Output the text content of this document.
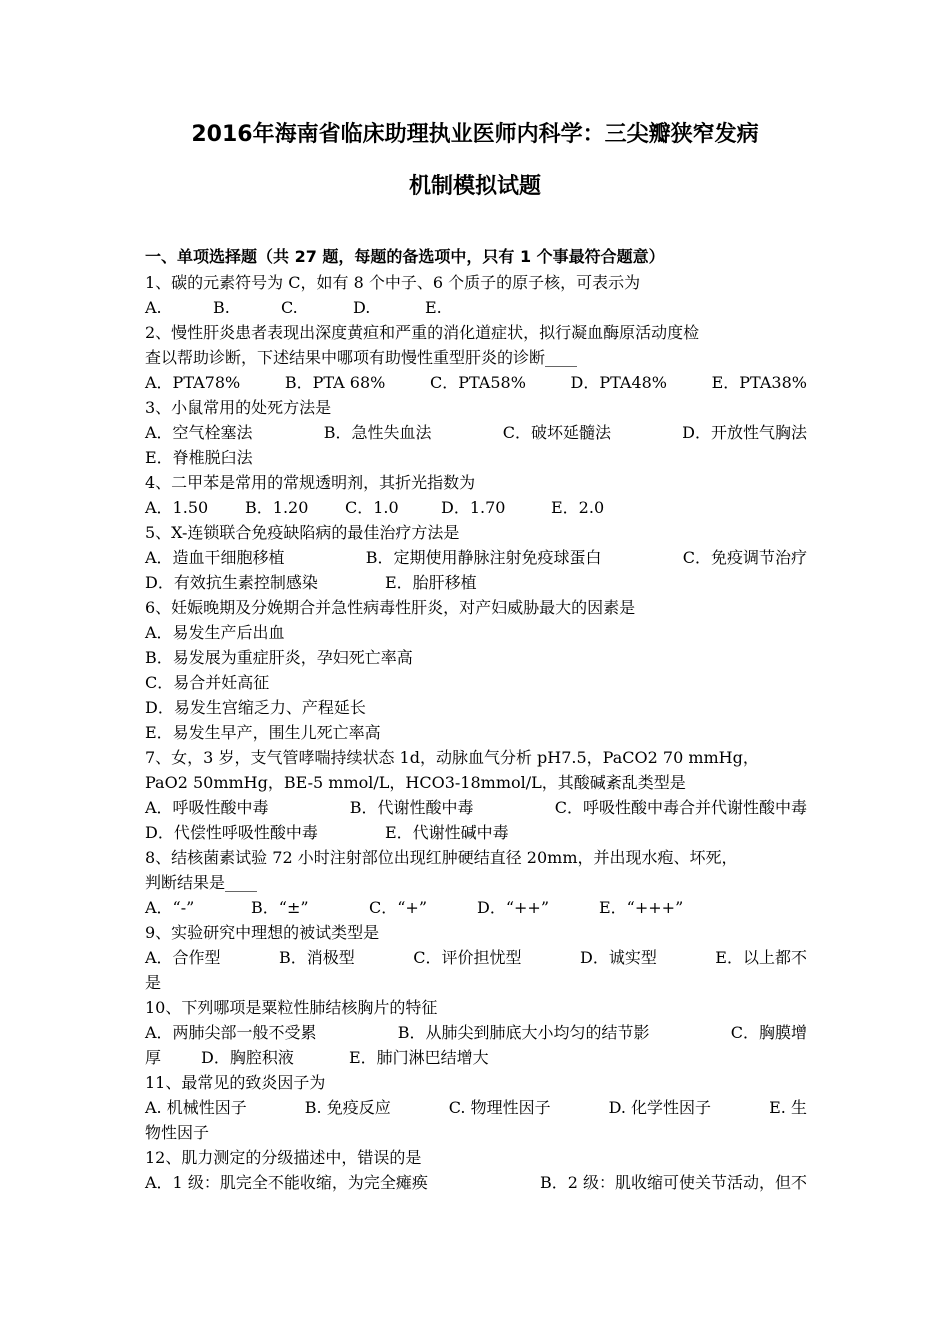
2016年海南省临床助理执业医师内科学：三尖瓣狭窄发病
机制模拟试题
一、单项选择题（共 27 题，每题的备选项中，只有 1 个事最符合题意）
1、碳的元素符号为 C，如有 8 个中子、6 个质子的原子核，可表示为
A.	B.	C.	D.	E.
2、慢性肝炎患者表现出深度黄疸和严重的消化道症状，拟行凝血酶原活动度检
查以帮助诊断，下述结果中哪项有助慢性重型肝炎的诊断____
A．PTA78%	B．PTA 68%	C．PTA58%	D．PTA48%	E．PTA38%
3、小鼠常用的处死方法是
A．空气栓塞法	B．急性失血法	C．破坏延髓法	D．开放性气胸法
E．脊椎脱臼法
4、二甲苯是常用的常规透明剂，其折光指数为
A．1.50	B．1.20	C．1.0	D．1.70	E．2.0
5、X-连锁联合免疫缺陷病的最佳治疗方法是
A．造血干细胞移植	B．定期使用静脉注射免疫球蛋白	C．免疫调节治疗
D．有效抗生素控制感染	E．胎肝移植
6、妊娠晚期及分娩期合并急性病毒性肝炎，对产妇威胁最大的因素是
A．易发生产后出血
B．易发展为重症肝炎，孕妇死亡率高
C．易合并妊高征
D．易发生宫缩乏力、产程延长
E．易发生早产，围生儿死亡率高
7、女，3 岁，支气管哮喘持续状态 1d，动脉血气分析 pH7.5，PaCO2 70 mmHg，
PaO2 50mmHg，BE-5 mmol/L，HCO3-18mmol/L，其酸碱紊乱类型是
A．呼吸性酸中毒	B．代谢性酸中毒	C．呼吸性酸中毒合并代谢性酸中毒
D．代偿性呼吸性酸中毒	E．代谢性碱中毒
8、结核菌素试验 72 小时注射部位出现红肿硬结直径 20mm，并出现水疱、坏死，
判断结果是____
A．“-”	B．“±”	C．“+”	D．“++”	E．“+++”
9、实验研究中理想的被试类型是
A．合作型	B．消极型	C．评价担忧型	D．诚实型	E．以上都不
是
10、下列哪项是粟粒性肺结核胸片的特征
A．两肺尖部一般不受累	B．从肺尖到肺底大小均匀的结节影	C．胸膜增
厚	D．胸腔积液	E．肺门淋巴结增大
11、最常见的致炎因子为
A. 机械性因子	B. 免疫反应	C. 物理性因子	D. 化学性因子	E. 生
物性因子
12、肌力测定的分级描述中，错误的是
A．1 级：肌完全不能收缩，为完全瘫痪	B．2 级：肌收缩可使关节活动，但不
